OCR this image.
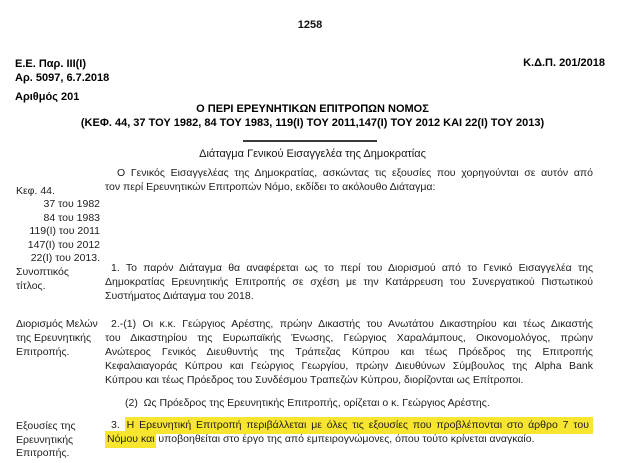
1258
Ε.Ε. Παρ. ΙΙΙ(Ι)
Αρ. 5097, 6.7.2018
Κ.Δ.Π. 201/2018
Αριθμός 201
Ο ΠΕΡΙ ΕΡΕΥΝΗΤΙΚΩΝ ΕΠΙΤΡΟΠΩΝ ΝΟΜΟΣ
(ΚΕΦ. 44, 37 ΤΟΥ 1982, 84 ΤΟΥ 1983, 119(Ι) ΤΟΥ 2011,147(Ι) ΤΟΥ 2012 ΚΑΙ 22(Ι) ΤΟΥ 2013)
Διάταγμα Γενικού Εισαγγελέα της Δημοκρατίας
Ο Γενικός Εισαγγελέας της Δημοκρατίας, ασκώντας τις εξουσίες που χορηγούνται σε αυτόν από
τον περί Ερευνητικών Επιτροπών Νόμο, εκδίδει το ακόλουθο Διάταγμα:
Κεφ. 44.
37 του 1982
84 του 1983
119(Ι) του 2011
147(Ι) του 2012
22(Ι) του 2013.
Συνοπτικός
τίτλος.
1. Το παρόν Διάταγμα θα αναφέρεται ως το περί του Διορισμού από το Γενικό Εισαγγελέα της
Δημοκρατίας Ερευνητικής Επιτροπής σε σχέση με την Κατάρρευση του Συνεργατικού Πιστωτικού
Συστήματος Διάταγμα του 2018.
Διορισμός Μελών
της Ερευνητικής
Επιτροπής.
2.-(1) Οι κ.κ. Γεώργιος Αρέστης, πρώην Δικαστής του Ανωτάτου Δικαστηρίου και τέως Δικαστής
του Δικαστηρίου της Ευρωπαϊκής Ένωσης, Γεώργιος Χαραλάμπους, Οικονομολόγος, πρώην
Ανώτερος Γενικός Διευθυντής της Τράπεζας Κύπρου και τέως Πρόεδρος της Επιτροπής
Κεφαλαιαγοράς Κύπρου και Γεώργιος Γεωργίου, πρώην Διευθύνων Σύμβουλος της Alpha Bank
Κύπρου και τέως Πρόεδρος του Συνδέσμου Τραπεζών Κύπρου, διορίζονται ως Επίτροποι.
(2)  Ως Πρόεδρος της Ερευνητικής Επιτροπής, ορίζεται ο κ. Γεώργιος Αρέστης.
Εξουσίες της
Ερευνητικής
Επιτροπής.
3. Η Ερευνητική Επιτροπή περιβάλλεται με όλες τις εξουσίες που προβλέπονται στο άρθρο 7 του
Νόμου και υποβοηθείται στο έργο της από εμπειρογνώμονες, όπου τούτο κρίνεται αναγκαίο.
